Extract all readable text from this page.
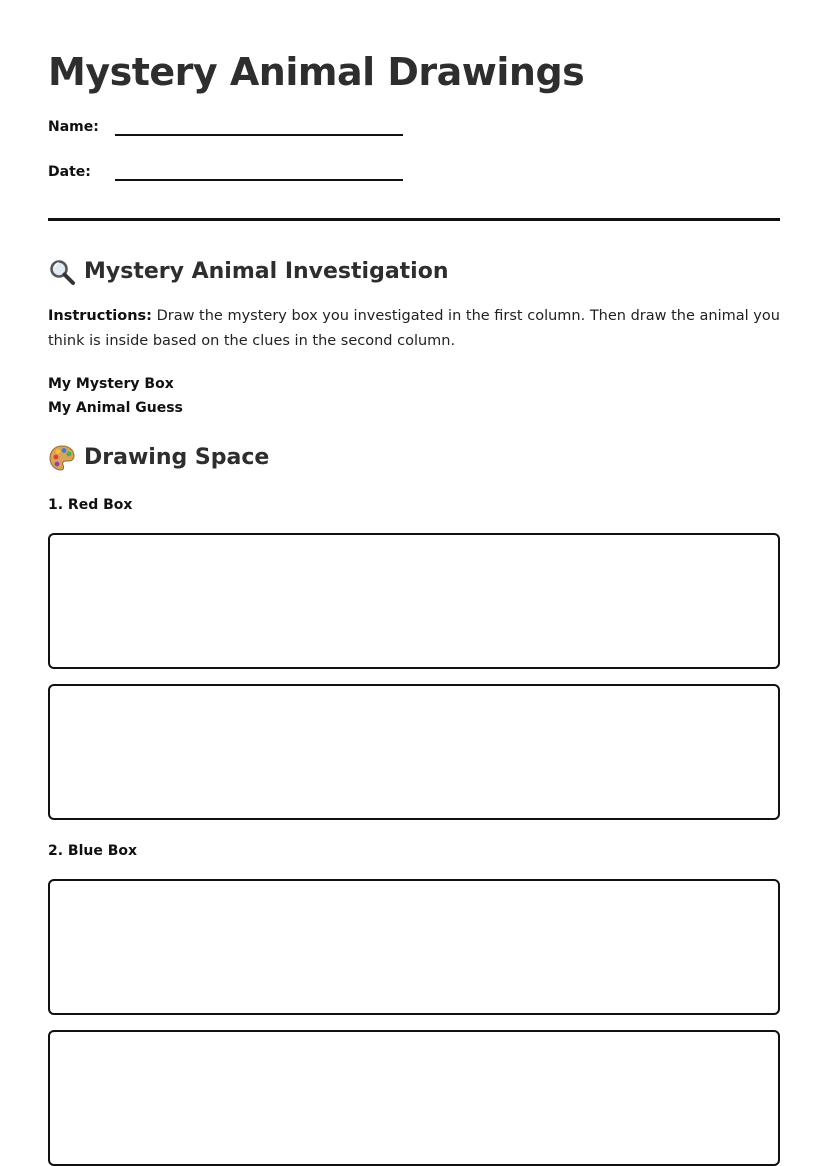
Mystery Animal Drawings
Name:
Date:
Mystery Animal Investigation

Instructions: Draw the mystery box you investigated in the first column. Then draw the animal you think is inside based on the clues in the second column.

My Mystery Box
My Animal Guess
Drawing Space
1. Red Box
2. Blue Box
